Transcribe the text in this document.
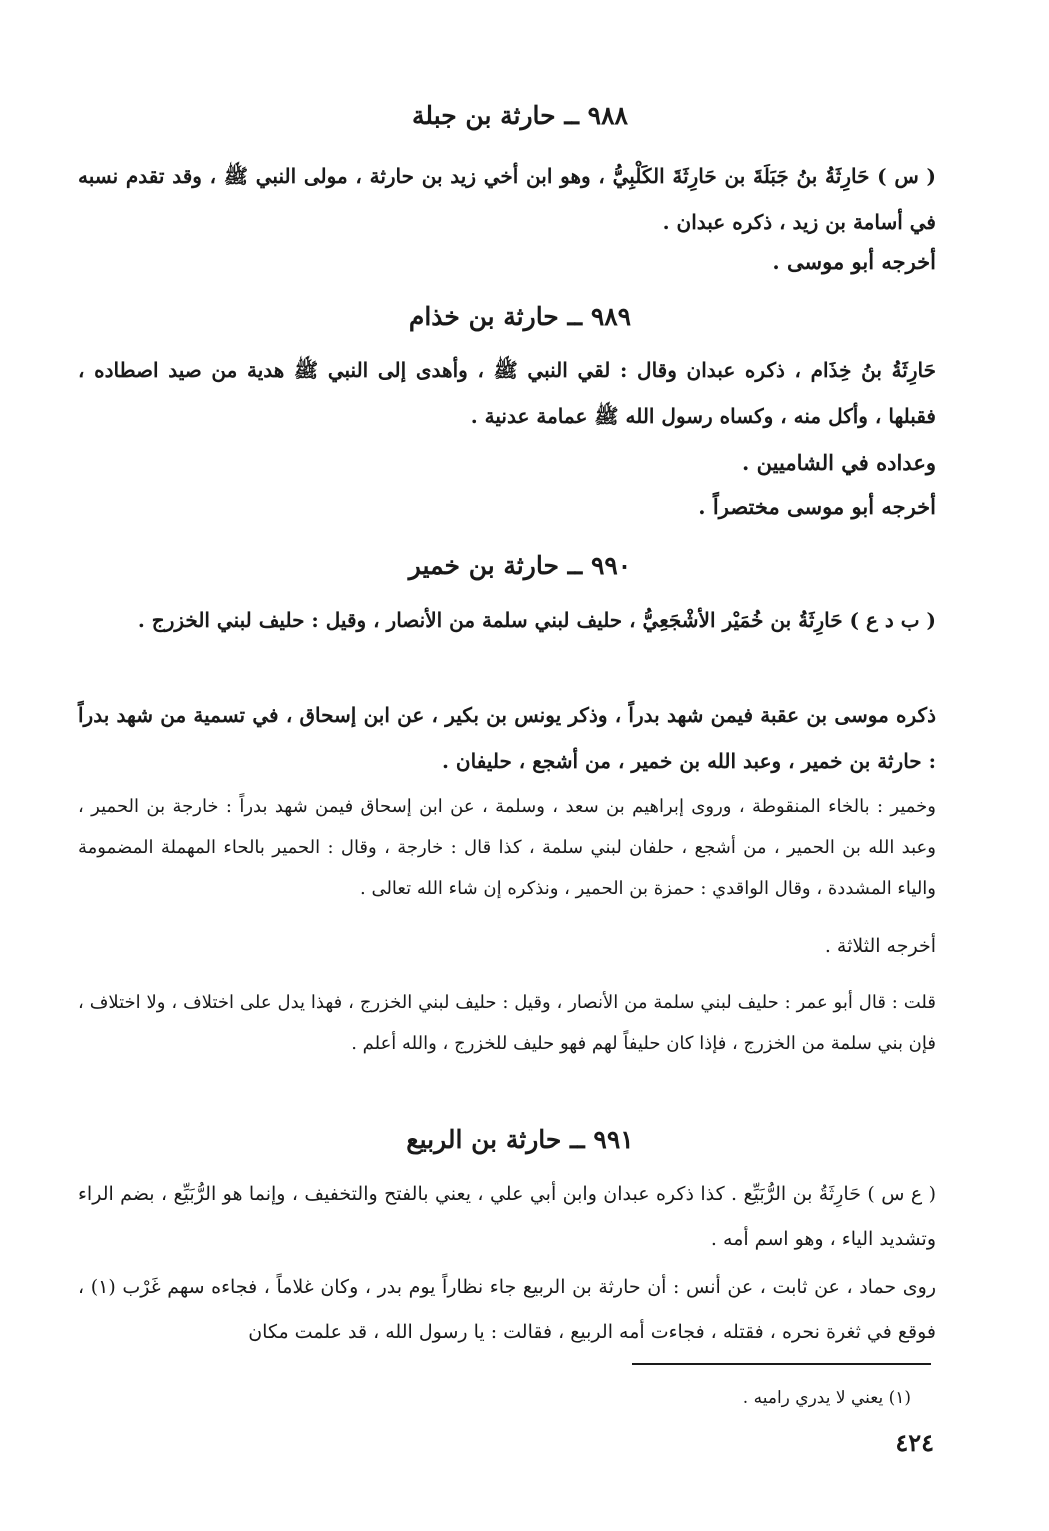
٩٨٨ ــ حارثة بن جبلة
( س ) حَارِثَةُ بنُ جَبَلَةَ بن حَارِثَةَ الكَلْبِيُّ ، وهو ابن أخي زيد بن حارثة ، مولى النبي ﷺ ، وقد تقدم نسبه في أسامة بن زيد ، ذكره عبدان .
أخرجه أبو موسى .
٩٨٩ ــ حارثة بن خذام
حَارِثَةُ بنُ خِذَام ، ذكره عبدان وقال : لقي النبي ﷺ ، وأهدى إلى النبي ﷺ هدية من صيد اصطاده ، فقبلها ، وأكل منه ، وكساه رسول الله ﷺ عمامة عدنية .
وعداده في الشاميين .
أخرجه أبو موسى مختصراً .
٩٩٠ ــ حارثة بن خمير
( ب د ع ) حَارِثَةُ بن خُمَيْر الأشْجَعِيُّ ، حليف لبني سلمة من الأنصار ، وقيل : حليف لبني الخزرج .
ذكره موسى بن عقبة فيمن شهد بدراً ، وذكر يونس بن بكير ، عن ابن إسحاق ، في تسمية من شهد بدراً : حارثة بن خمير ، وعبد الله بن خمير ، من أشجع ، حليفان .
وخمير : بالخاء المنقوطة ، وروى إبراهيم بن سعد ، وسلمة ، عن ابن إسحاق فيمن شهد بدراً : خارجة بن الحمير ، وعبد الله بن الحمير ، من أشجع ، حلفان لبني سلمة ، كذا قال : خارجة ، وقال : الحمير بالحاء المهملة المضمومة والياء المشددة ، وقال الواقدي : حمزة بن الحمير ، ونذكره إن شاء الله تعالى .
أخرجه الثلاثة .
قلت : قال أبو عمر : حليف لبني سلمة من الأنصار ، وقيل : حليف لبني الخزرج ، فهذا يدل على اختلاف ، ولا اختلاف ، فإن بني سلمة من الخزرج ، فإذا كان حليفاً لهم فهو حليف للخزرج ، والله أعلم .
٩٩١ ــ حارثة بن الربيع
( ع س ) حَارِثَةُ بن الرُّبَيِّع . كذا ذكره عبدان وابن أبي علي ، يعني بالفتح والتخفيف ، وإنما هو الرُّبَيِّع ، بضم الراء وتشديد الياء ، وهو اسم أمه .
روى حماد ، عن ثابت ، عن أنس : أن حارثة بن الربيع جاء نظاراً يوم بدر ، وكان غلاماً ، فجاءه سهم غَرْب (١) ، فوقع في ثغرة نحره ، فقتله ، فجاءت أمه الربيع ، فقالت : يا رسول الله ، قد علمت مكان
(١) يعني لا يدري راميه .
٤٢٤
